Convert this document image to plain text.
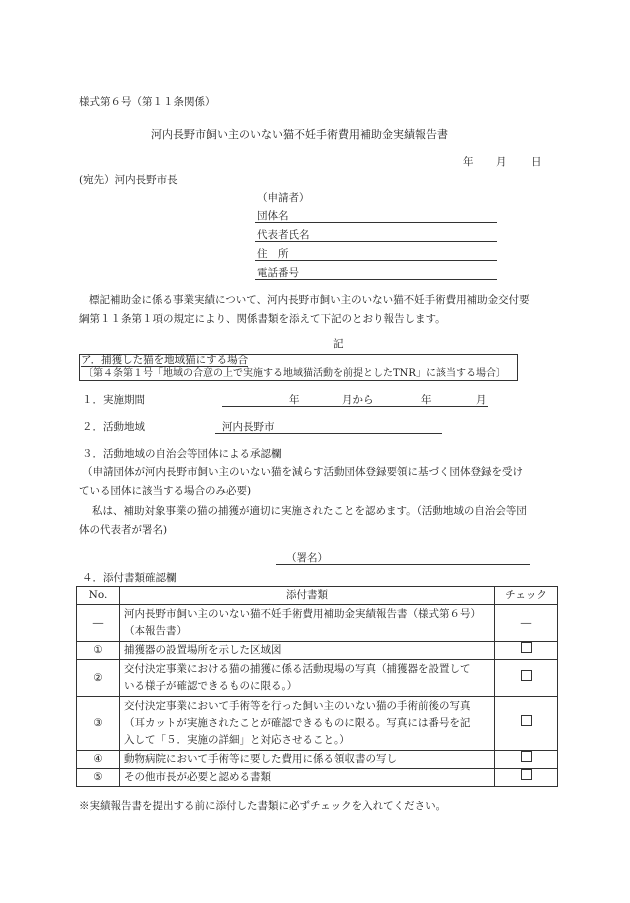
様式第６号（第１１条関係）
河内長野市飼い主のいない猫不妊手術費用補助金実績報告書
年 月 日
(宛先）河内長野市長
（申請者）
団体名
代表者氏名
住　所
電話番号
標記補助金に係る事業実績について、河内長野市飼い主のいない猫不妊手術費用補助金交付要
綱第１１条第１項の規定により、関係書類を添えて下記のとおり報告します。
記
ア．捕獲した猫を地域猫にする場合
〔第４条第１号「地域の合意の上で実施する地域猫活動を前提としたTNR」に該当する場合〕
１．実施期間	年	月から	年	月
２．活動地域	河内長野市
３．活動地域の自治会等団体による承認欄
（申請団体が河内長野市飼い主のいない猫を減らす活動団体登録要領に基づく団体登録を受け
ている団体に該当する場合のみ必要)
私は、補助対象事業の猫の捕獲が適切に実施されたことを認めます。（活動地域の自治会等団
体の代表者が署名)
（署名）
４．添付書類確認欄
No.	添付書類	チェック
―	河内長野市飼い主のいない猫不妊手術費用補助金実績報告書（様式第６号）
（本報告書）	―
①	捕獲器の設置場所を示した区域図	

②	交付決定事業における猫の捕獲に係る活動現場の写真（捕獲器を設置して
いる様子が確認できるものに限る。）	

③	交付決定事業において手術等を行った飼い主のいない猫の手術前後の写真
（耳カットが実施されたことが確認できるものに限る。写真には番号を記
入して「５．実施の詳細」と対応させること。）	

④	動物病院において手術等に要した費用に係る領収書の写し	

⑤	その他市長が必要と認める書類	

※実績報告書を提出する前に添付した書類に必ずチェックを入れてください。
